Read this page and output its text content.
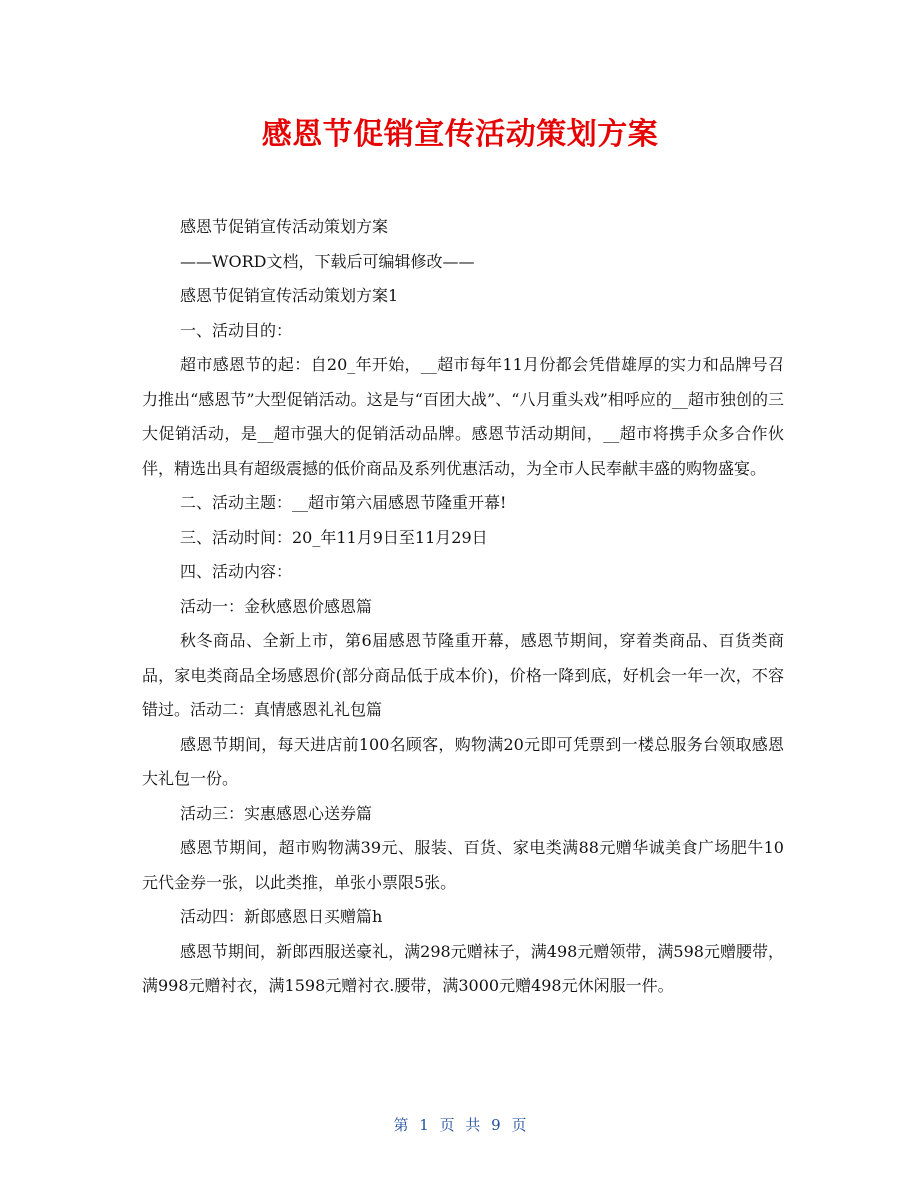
感恩节促销宣传活动策划方案

感恩节促销宣传活动策划方案

——WORD文档，下载后可编辑修改——

感恩节促销宣传活动策划方案1

一、活动目的：

超市感恩节的起：自20_年开始，__超市每年11月份都会凭借雄厚的实力和品牌号召力推出“感恩节”大型促销活动。这是与“百团大战”、“八月重头戏”相呼应的__超市独创的三大促销活动，是__超市强大的促销活动品牌。感恩节活动期间，__超市将携手众多合作伙伴，精选出具有超级震撼的低价商品及系列优惠活动，为全市人民奉献丰盛的购物盛宴。

二、活动主题：__超市第六届感恩节隆重开幕!

三、活动时间：20_年11月9日至11月29日

四、活动内容：

活动一：金秋感恩价感恩篇

秋冬商品、全新上市，第6届感恩节隆重开幕，感恩节期间，穿着类商品、百货类商品，家电类商品全场感恩价(部分商品低于成本价)，价格一降到底，好机会一年一次，不容错过。活动二：真情感恩礼礼包篇

感恩节期间，每天进店前100名顾客，购物满20元即可凭票到一楼总服务台领取感恩大礼包一份。

活动三：实惠感恩心送券篇

感恩节期间，超市购物满39元、服装、百货、家电类满88元赠华诚美食广场肥牛10元代金券一张，以此类推，单张小票限5张。

活动四：新郎感恩日买赠篇h

感恩节期间，新郎西服送豪礼，满298元赠袜子，满498元赠领带，满598元赠腰带，满998元赠衬衣，满1598元赠衬衣.腰带，满3000元赠498元休闲服一件。

第 1 页 共 9 页
